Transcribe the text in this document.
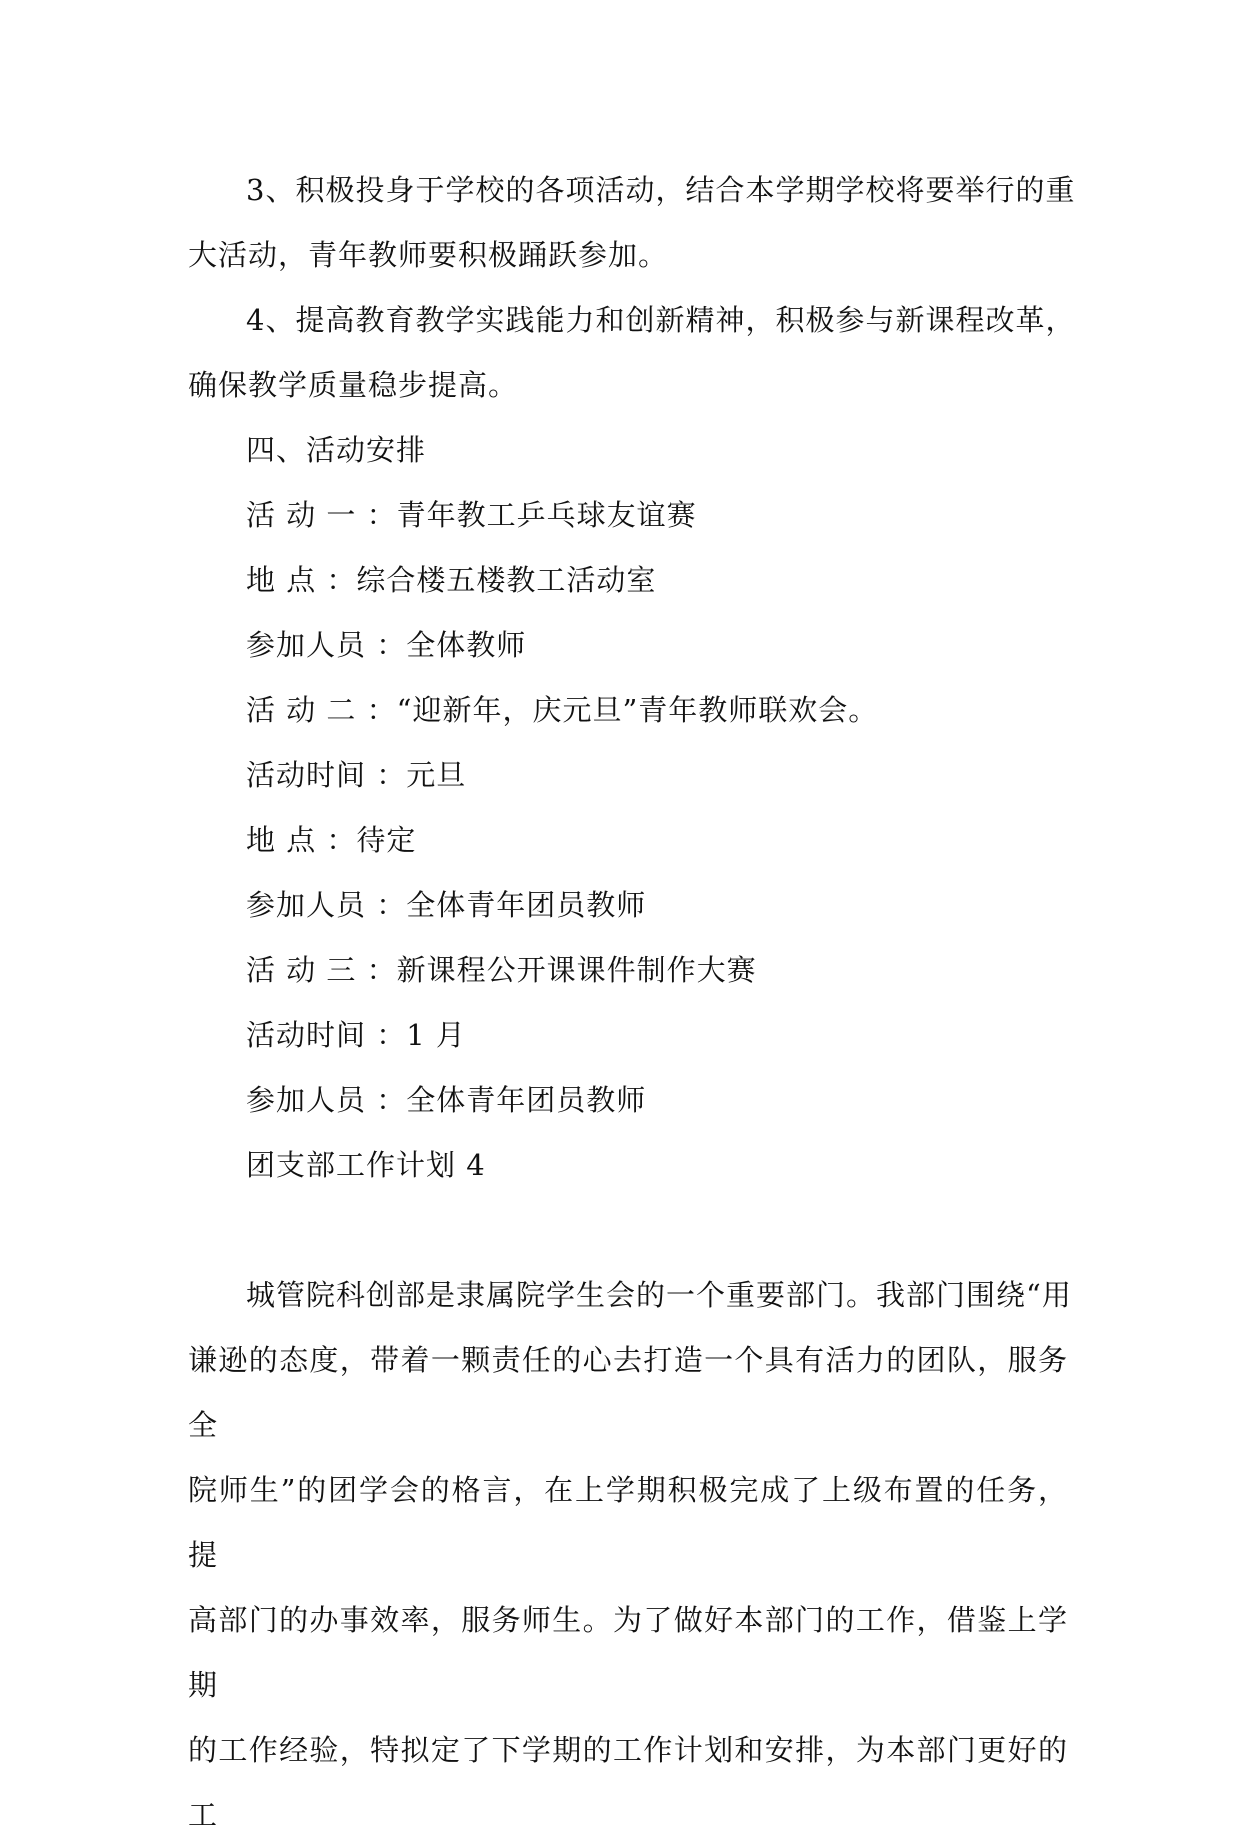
3、积极投身于学校的各项活动，结合本学期学校将要举行的重

大活动，青年教师要积极踊跃参加。

4、提高教育教学实践能力和创新精神，积极参与新课程改革，

确保教学质量稳步提高。

四、活动安排

活 动 一 ：青年教工乒乓球友谊赛

地 点 ：综合楼五楼教工活动室

参加人员 ：全体教师

活 动 二 ：“迎新年，庆元旦”青年教师联欢会。

活动时间 ：元旦

地 点 ：待定

参加人员 ：全体青年团员教师

活 动 三 ：新课程公开课课件制作大赛

活动时间 ：1 月

参加人员 ：全体青年团员教师

团支部工作计划 4

城管院科创部是隶属院学生会的一个重要部门。我部门围绕“用

谦逊的态度，带着一颗责任的心去打造一个具有活力的团队，服务全

院师生”的团学会的格言，在上学期积极完成了上级布置的任务，提

高部门的办事效率，服务师生。为了做好本部门的工作，借鉴上学期

的工作经验，特拟定了下学期的工作计划和安排，为本部门更好的工
